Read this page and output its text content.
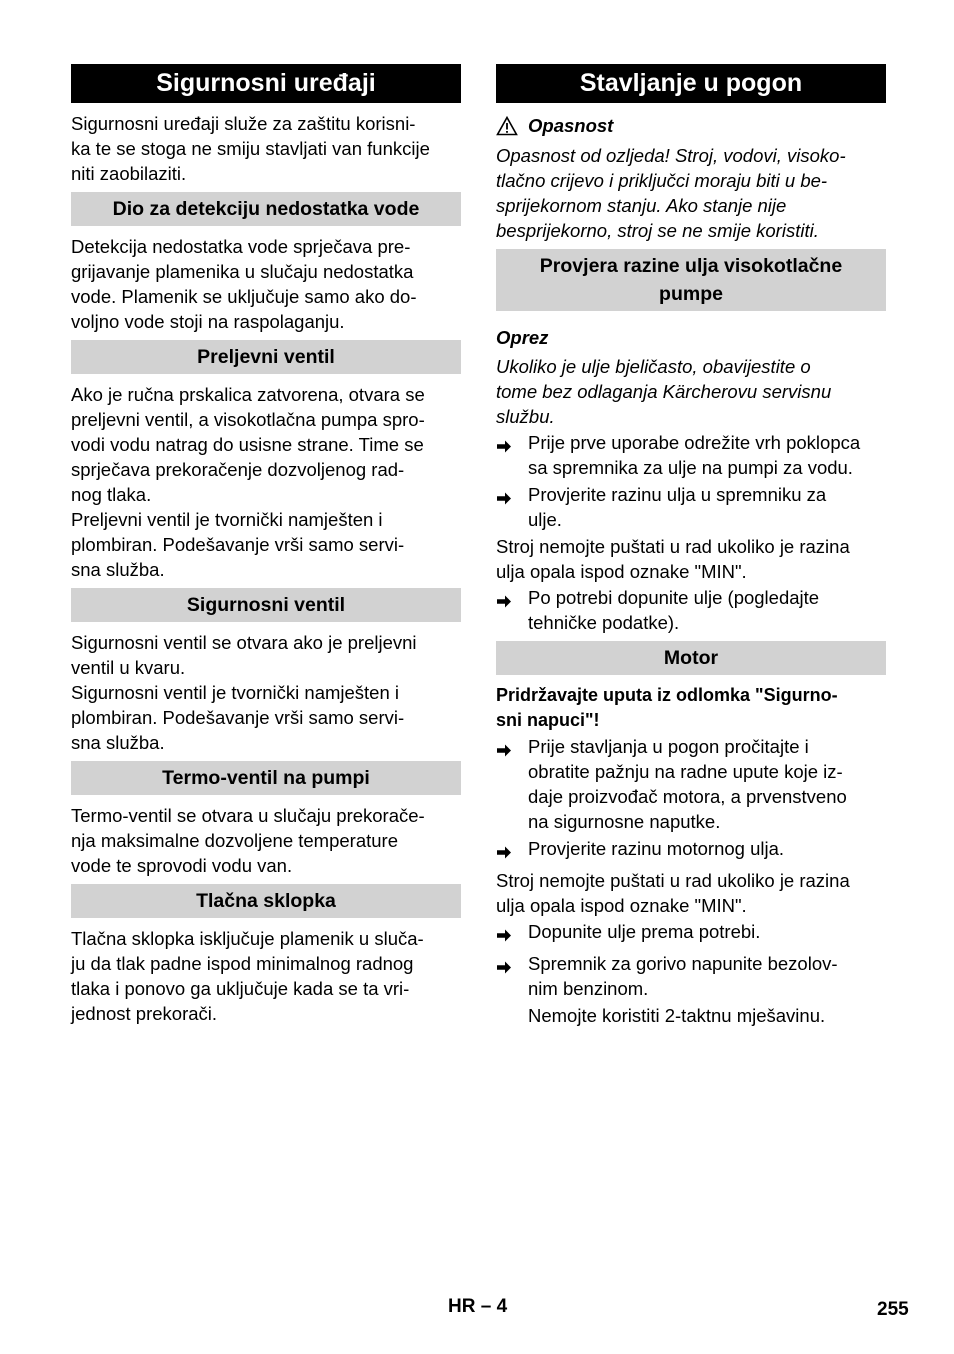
Sigurnosni uređaji

Sigurnosni uređaji služe za zaštitu korisni-
ka te se stoga ne smiju stavljati van funkcije
niti zaobilaziti.

Dio za detekciju nedostatka vode

Detekcija nedostatka vode sprječava pre-
grijavanje plamenika u slučaju nedostatka
vode. Plamenik se uključuje samo ako do-
voljno vode stoji na raspolaganju.

Preljevni ventil

Ako je ručna prskalica zatvorena, otvara se
preljevni ventil, a visokotlačna pumpa spro-
vodi vodu natrag do usisne strane. Time se
sprječava prekoračenje dozvoljenog rad-
nog tlaka.
Preljevni ventil je tvornički namješten i
plombiran. Podešavanje vrši samo servi-
sna služba.

Sigurnosni ventil

Sigurnosni ventil se otvara ako je preljevni
ventil u kvaru.
Sigurnosni ventil je tvornički namješten i
plombiran. Podešavanje vrši samo servi-
sna služba.

Termo-ventil na pumpi

Termo-ventil se otvara u slučaju prekorače-
nja maksimalne dozvoljene temperature
vode te sprovodi vodu van.

Tlačna sklopka

Tlačna sklopka isključuje plamenik u sluča-
ju da tlak padne ispod minimalnog radnog
tlaka i ponovo ga uključuje kada se ta vri-
jednost prekorači.

Stavljanje u pogon
Opasnost

Opasnost od ozljeda! Stroj, vodovi, visoko-
tlačno crijevo i priključci moraju biti u be-
sprijekornom stanju. Ako stanje nije
besprijekorno, stroj se ne smije koristiti.

Provjera razine ulja visokotlačne
pumpe
Oprez

Ukoliko je ulje bjeličasto, obavijestite o
tome bez odlaganja Kärcherovu servisnu
službu.

Prije prve uporabe odrežite vrh poklopca
sa spremnika za ulje na pumpi za vodu.
Provjerite razinu ulja u spremniku za
ulje.

Stroj nemojte puštati u rad ukoliko je razina
ulja opala ispod oznake "MIN".

Po potrebi dopunite ulje (pogledajte
tehničke podatke).
Motor
Pridržavajte uputa iz odlomka "Sigurno-
sni napuci"!
Prije stavljanja u pogon pročitajte i
obratite pažnju na radne upute koje iz-
daje proizvođač motora, a prvenstveno
na sigurnosne naputke.
Provjerite razinu motornog ulja.

Stroj nemojte puštati u rad ukoliko je razina
ulja opala ispod oznake "MIN".

Dopunite ulje prema potrebi.
Spremnik za gorivo napunite bezolov-
nim benzinom.
Nemojte koristiti 2-taktnu mješavinu.
HR – 4	255
